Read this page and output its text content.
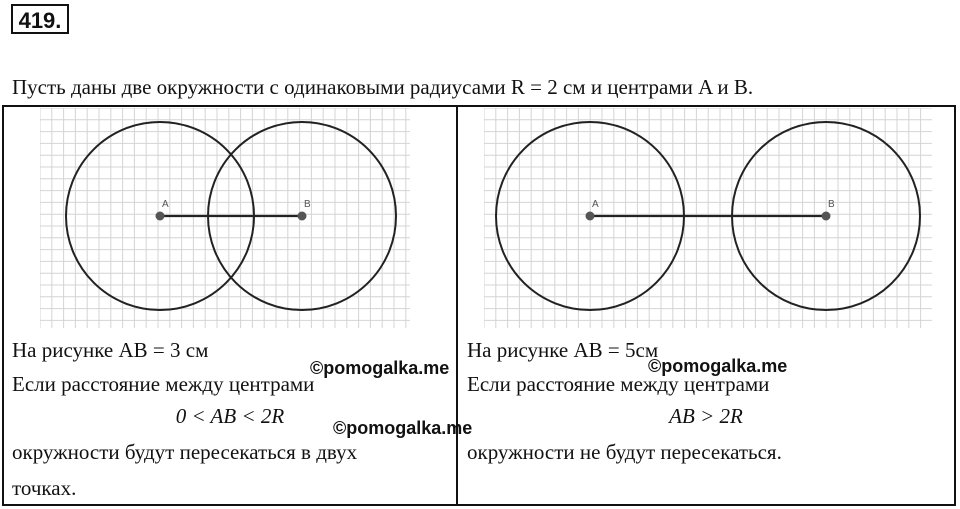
419.
Пусть даны две окружности с одинаковыми радиусами R = 2 см и центрами A и B.
A	B
На рисунке AB = 3 см
Если расстояние между центрами
0 < AB < 2R
окружности будут пересекаться в двух
точках.
A	B
На рисунке AB = 5см
Если расстояние между центрами
AB > 2R
окружности не будут пересекаться.
©pomogalka.me	©pomogalka.me
©pomogalka.me
